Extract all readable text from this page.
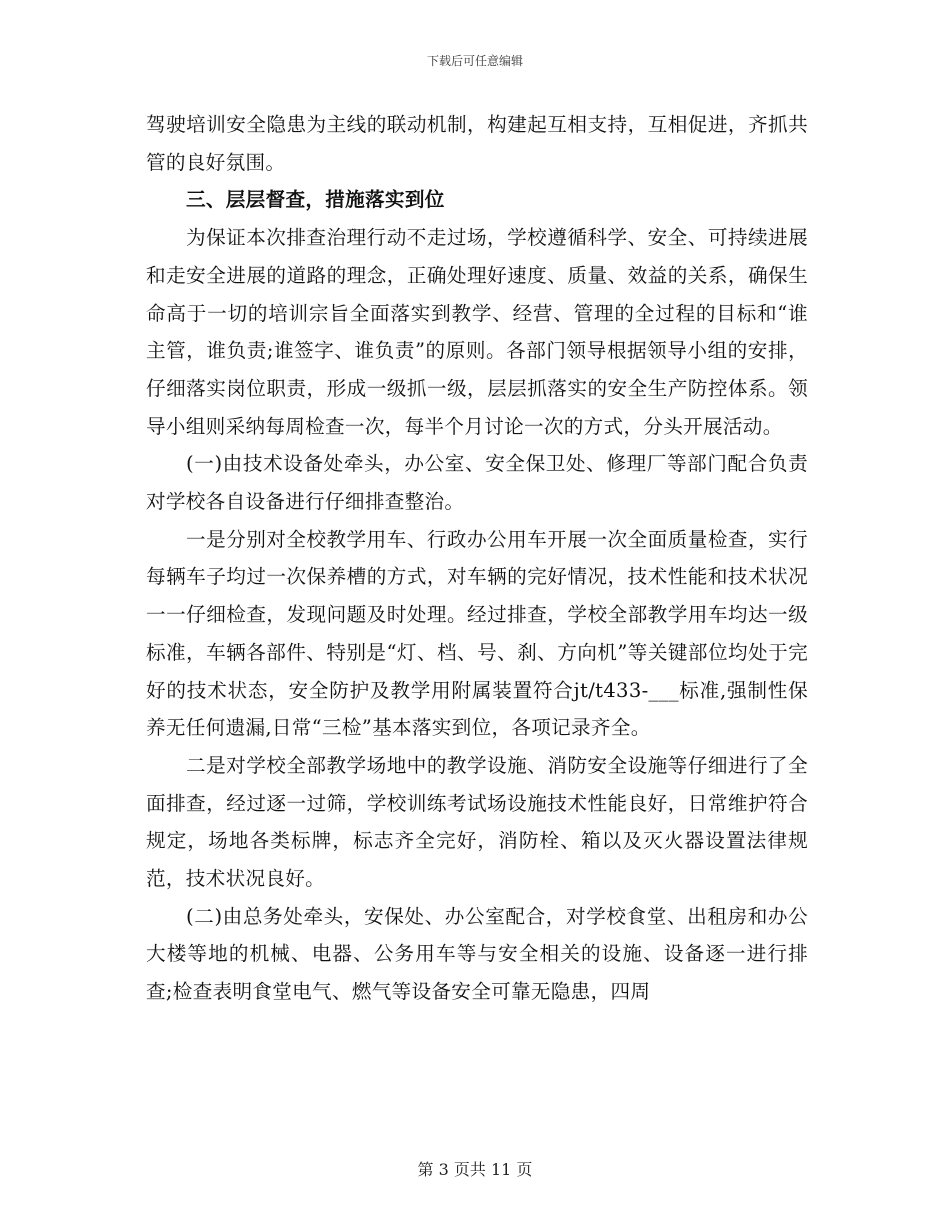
下载后可任意编辑

驾驶培训安全隐患为主线的联动机制，构建起互相支持，互相促进，齐抓共管的良好氛围。

三、层层督查，措施落实到位

为保证本次排查治理行动不走过场，学校遵循科学、安全、可持续进展和走安全进展的道路的理念，正确处理好速度、质量、效益的关系，确保生命高于一切的培训宗旨全面落实到教学、经营、管理的全过程的目标和“谁主管，谁负责;谁签字、谁负责”的原则。各部门领导根据领导小组的安排，仔细落实岗位职责，形成一级抓一级，层层抓落实的安全生产防控体系。领导小组则采纳每周检查一次，每半个月讨论一次的方式，分头开展活动。

(一)由技术设备处牵头，办公室、安全保卫处、修理厂等部门配合负责对学校各自设备进行仔细排查整治。

一是分别对全校教学用车、行政办公用车开展一次全面质量检查，实行每辆车子均过一次保养槽的方式，对车辆的完好情况，技术性能和技术状况一一仔细检查，发现问题及时处理。经过排查，学校全部教学用车均达一级标准，车辆各部件、特别是“灯、档、号、刹、方向机”等关键部位均处于完好的技术状态，安全防护及教学用附属装置符合jt/t433-___标准,强制性保养无任何遗漏,日常“三检”基本落实到位，各项记录齐全。

二是对学校全部教学场地中的教学设施、消防安全设施等仔细进行了全面排查，经过逐一过筛，学校训练考试场设施技术性能良好，日常维护符合规定，场地各类标牌，标志齐全完好，消防栓、箱以及灭火器设置法律规范，技术状况良好。

(二)由总务处牵头，安保处、办公室配合，对学校食堂、出租房和办公大楼等地的机械、电器、公务用车等与安全相关的设施、设备逐一进行排查;检查表明食堂电气、燃气等设备安全可靠无隐患，四周

第 3 页共 11 页
